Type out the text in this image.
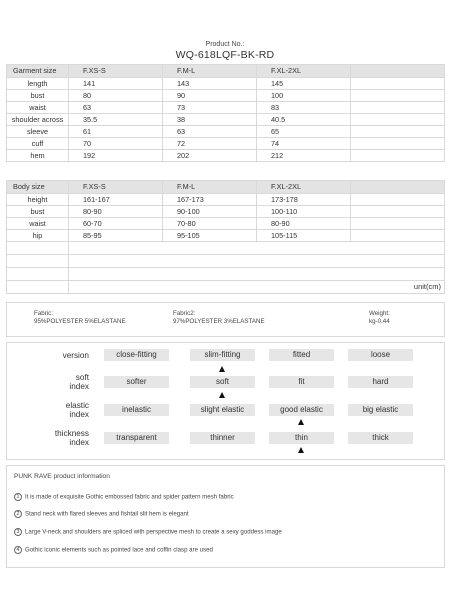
Product No.:
WQ-618LQF-BK-RD
Garment size	F.XS-S	F.M-L	F.XL-2XL	
length	141	143	145	
bust	80	90	100	
waist	63	73	83	
shoulder across	35.5	38	40.5	
sleeve	61	63	65	
cuff	70	72	74	
hem	192	202	212	
Body size	F.XS-S	F.M-L	F.XL-2XL	
height	161-167	167-173	173-178	
bust	80-90	90-100	100-110	
waist	60-70	70-80	80-90	
hip	85-95	95-105	105-115	

	unit(cm)			
Fabric:
95%POLYESTER 5%ELASTANE
Fabric2:
97%POLYESTER 3%ELASTANE
Weight:
kg-0.44
version	close-fitting	slim-fitting	fitted	loose
soft
index	softer	soft	fit	hard
elastic
index	inelastic	slight elastic	good elastic	big elastic
thickness
index	transparent	thinner	thin	thick
PUNK RAVE product information
1 It is made of exquisite Gothic embossed fabric and spider pattern mesh fabric
2 Stand neck with flared sleeves and fishtail slit hem is elegant
3 Large V-neck and shoulders are spliced with perspective mesh to create a sexy goddess image
4 Gothic iconic elements such as pointed lace and coffin clasp are used
